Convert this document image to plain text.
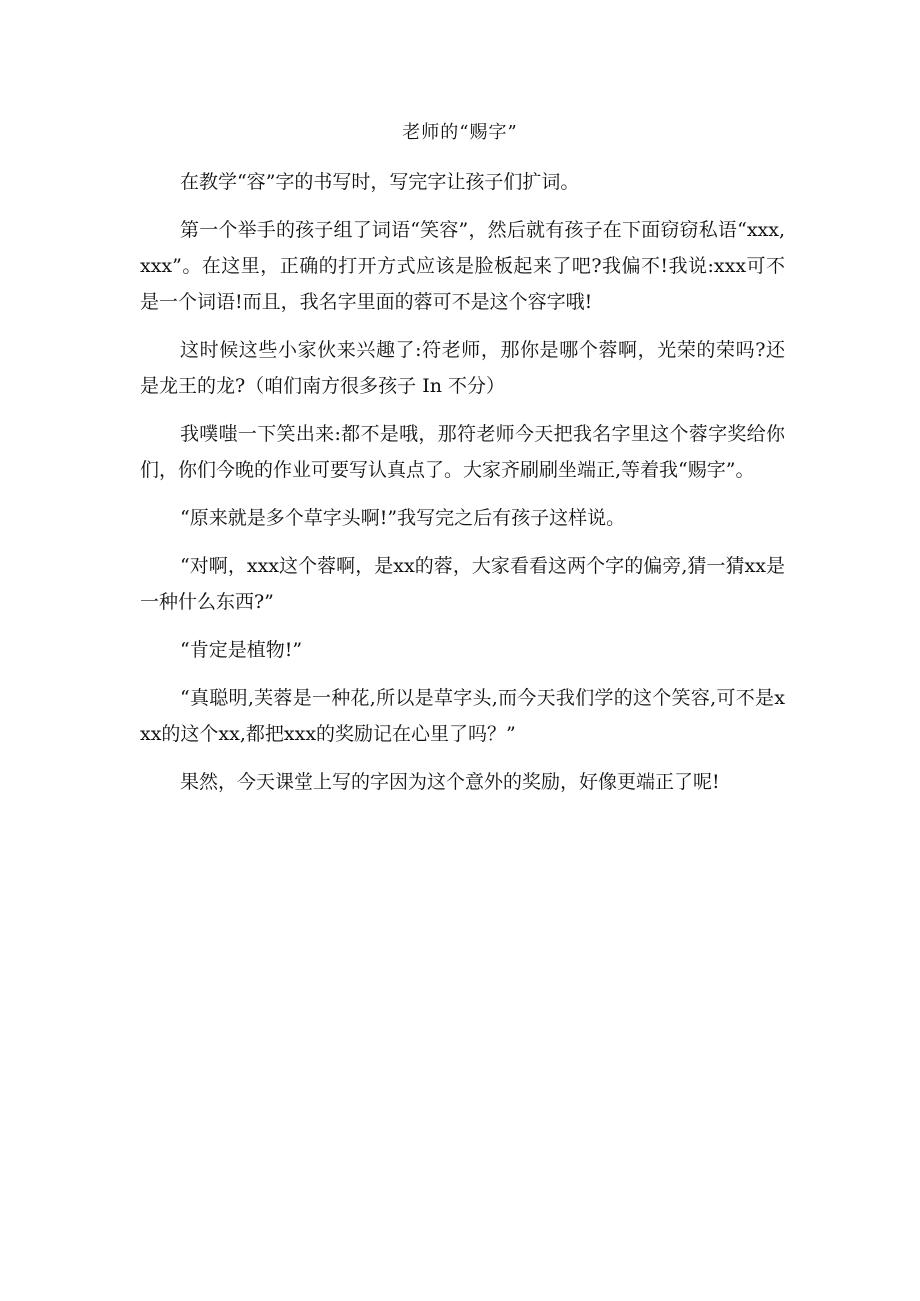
老师的“赐字”

在教学“容”字的书写时，写完字让孩子们扩词。

第一个举手的孩子组了词语“笑容”，然后就有孩子在下面窃窃私语“xxx,xxx”。在这里，正确的打开方式应该是脸板起来了吧?我偏不!我说:xxx可不是一个词语!而且，我名字里面的蓉可不是这个容字哦!

这时候这些小家伙来兴趣了:符老师，那你是哪个蓉啊，光荣的荣吗?还是龙王的龙?（咱们南方很多孩子 In 不分）

我噗嗤一下笑出来:都不是哦，那符老师今天把我名字里这个蓉字奖给你们，你们今晚的作业可要写认真点了。大家齐刷刷坐端正,等着我“赐字”。

“原来就是多个草字头啊!”我写完之后有孩子这样说。

“对啊，xxx这个蓉啊，是xx的蓉，大家看看这两个字的偏旁,猜一猜xx是一种什么东西?”

“肯定是植物!”

“真聪明,芙蓉是一种花,所以是草字头,而今天我们学的这个笑容,可不是xxx的这个xx,都把xxx的奖励记在心里了吗？”

果然，今天课堂上写的字因为这个意外的奖励，好像更端正了呢!
